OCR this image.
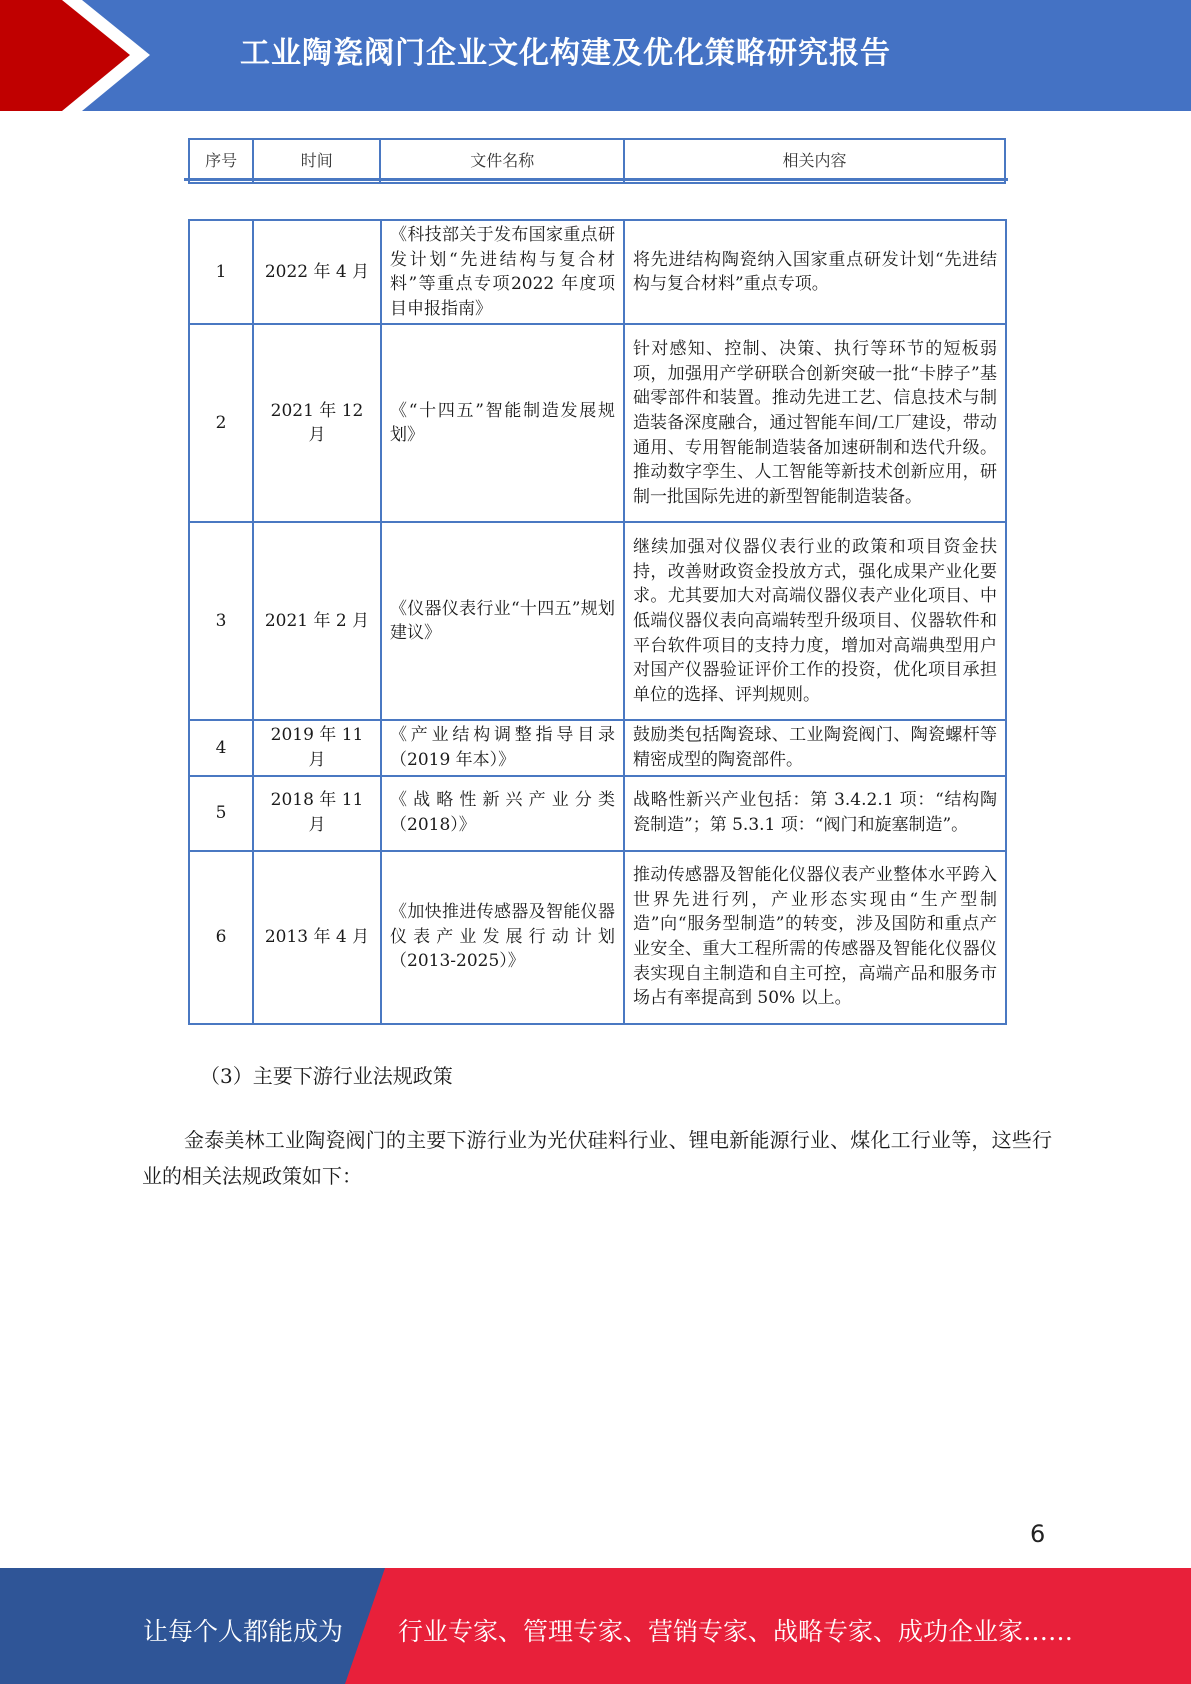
工业陶瓷阀门企业文化构建及优化策略研究报告
序号	时间	文件名称	相关内容
1	2022 年 4 月	《科技部关于发布国家重点研发计划“先进结构与复合材料”等重点专项2022 年度项目申报指南》	将先进结构陶瓷纳入国家重点研发计划“先进结构与复合材料”重点专项。
2	2021 年 12 月	《“十四五”智能制造发展规划》	针对感知、控制、决策、执行等环节的短板弱项，加强用产学研联合创新突破一批“卡脖子”基础零部件和装置。推动先进工艺、信息技术与制造装备深度融合，通过智能车间/工厂建设，带动通用、专用智能制造装备加速研制和迭代升级。推动数字孪生、人工智能等新技术创新应用，研制一批国际先进的新型智能制造装备。
3	2021 年 2 月	《仪器仪表行业“十四五”规划建议》	继续加强对仪器仪表行业的政策和项目资金扶持，改善财政资金投放方式，强化成果产业化要求。尤其要加大对高端仪器仪表产业化项目、中低端仪器仪表向高端转型升级项目、仪器软件和平台软件项目的支持力度，增加对高端典型用户对国产仪器验证评价工作的投资，优化项目承担单位的选择、评判规则。
4	2019 年 11 月	《产业结构调整指导目录（2019 年本）》	鼓励类包括陶瓷球、工业陶瓷阀门、陶瓷螺杆等精密成型的陶瓷部件。
5	2018 年 11 月	《战略性新兴产业分类（2018）》	战略性新兴产业包括：第 3.4.2.1 项：“结构陶瓷制造”；第 5.3.1 项：“阀门和旋塞制造”。
6	2013 年 4 月	《加快推进传感器及智能仪器仪表产业发展行动计划（2013-2025）》	推动传感器及智能化仪器仪表产业整体水平跨入世界先进行列，产业形态实现由“生产型制造”向“服务型制造”的转变，涉及国防和重点产业安全、重大工程所需的传感器及智能化仪器仪表实现自主制造和自主可控，高端产品和服务市场占有率提高到 50% 以上。
（3）主要下游行业法规政策
金泰美林工业陶瓷阀门的主要下游行业为光伏硅料行业、锂电新能源行业、煤化工行业等，这些行业的相关法规政策如下：
6
让每个人都能成为 行业专家、管理专家、营销专家、战略专家、成功企业家……
